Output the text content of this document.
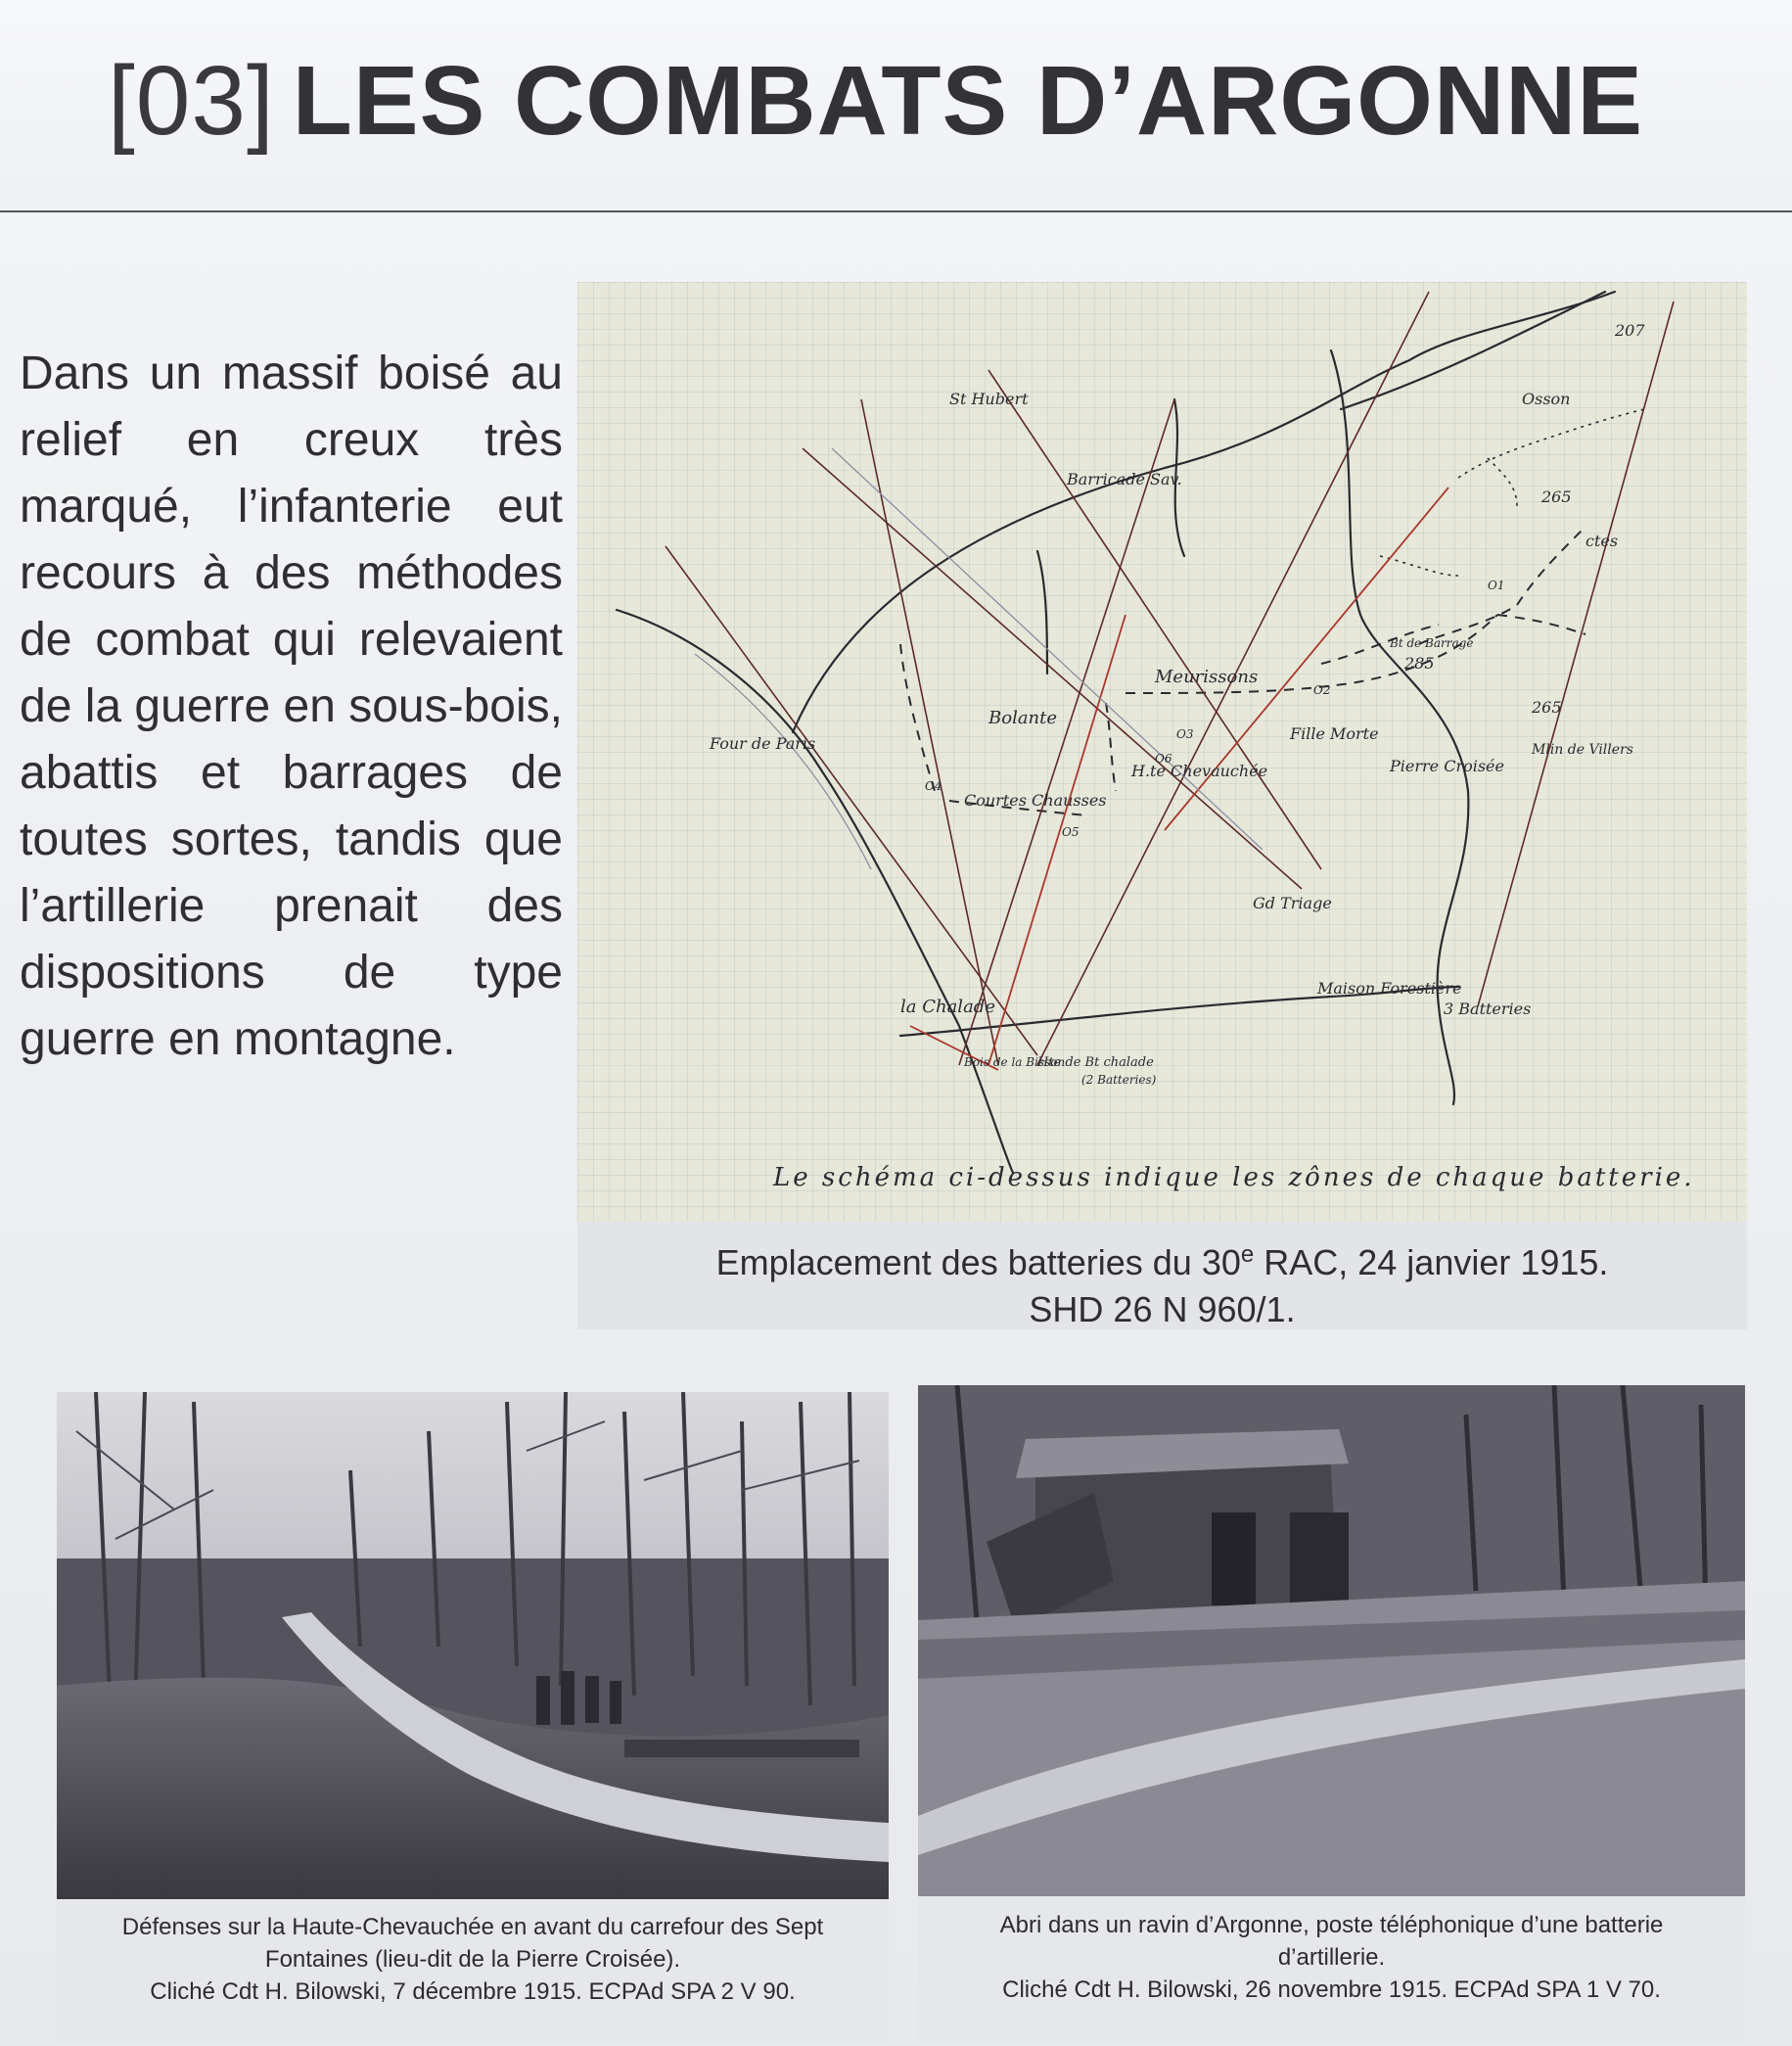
[03] LES COMBATS D’ARGONNE

Dans un massif boisé au relief en creux très marqué, l’infanterie eut recours à des méthodes de combat qui relevaient de la guerre en sous-bois, abattis et barrages de toutes sortes, tandis que l’artillerie prenait des dispositions de type guerre en montagne.

St Hubert
Barricade Sav.
Four de Paris
Bolante
Courtes Chausses
Meurissons
Fille Morte
Pierre Croisée
H.te Chevauchée
Gd Triage
Maison Forestière
la Chalade	3 Batteries
Osson
265
265
285
207
ctes
Bois de la Bisson
Hte de Bt chalade
(2 Batteries)
Bt de Barrage
Mlin de Villers
O4
O3
O2
O5
O1
O6
Le schéma ci-dessus indique les zônes de chaque batterie.
Emplacement des batteries du 30e RAC, 24 janvier 1915.
SHD 26 N 960/1.
Défenses sur la Haute-Chevauchée en avant du carrefour des Sept
Fontaines (lieu-dit de la Pierre Croisée).
Cliché Cdt H. Bilowski, 7 décembre 1915. ECPAd SPA 2 V 90.
Abri dans un ravin d’Argonne, poste téléphonique d’une batterie
d’artillerie.
Cliché Cdt H. Bilowski, 26 novembre 1915. ECPAd SPA 1 V 70.
